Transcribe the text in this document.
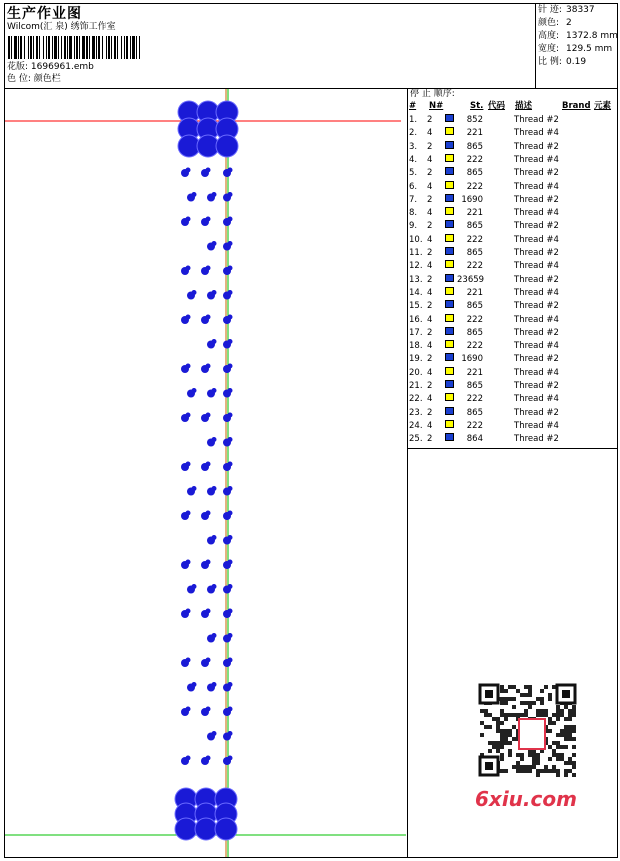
生产作业图
Wilcom(汇 泉) 绣饰工作室
花版: 1696961.emb
色 位: 颜色栏
针 迹: 38337
颜色: 2
高度: 1372.8 mm
宽度: 129.5 mm
比 例: 0.19
停 止 顺序:
# N#	St. 代码 描述	Brand 元素
1. 2	852	Thread #2
2. 4	221	Thread #4
3. 2	865	Thread #2
4. 4	222	Thread #4
5. 2	865	Thread #2
6. 4	222	Thread #4
7. 2	1690	Thread #2
8. 4	221	Thread #4
9. 2	865	Thread #2
10. 4	222	Thread #4
11. 2	865	Thread #2
12. 4	222	Thread #4
13. 2	23659	Thread #2
14. 4	221	Thread #4
15. 2	865	Thread #2
16. 4	222	Thread #4
17. 2	865	Thread #2
18. 4	222	Thread #4
19. 2	1690	Thread #2
20. 4	221	Thread #4
21. 2	865	Thread #2
22. 4	222	Thread #4
23. 2	865	Thread #2
24. 4	222	Thread #4
25. 2	864	Thread #2
6xiu.com
